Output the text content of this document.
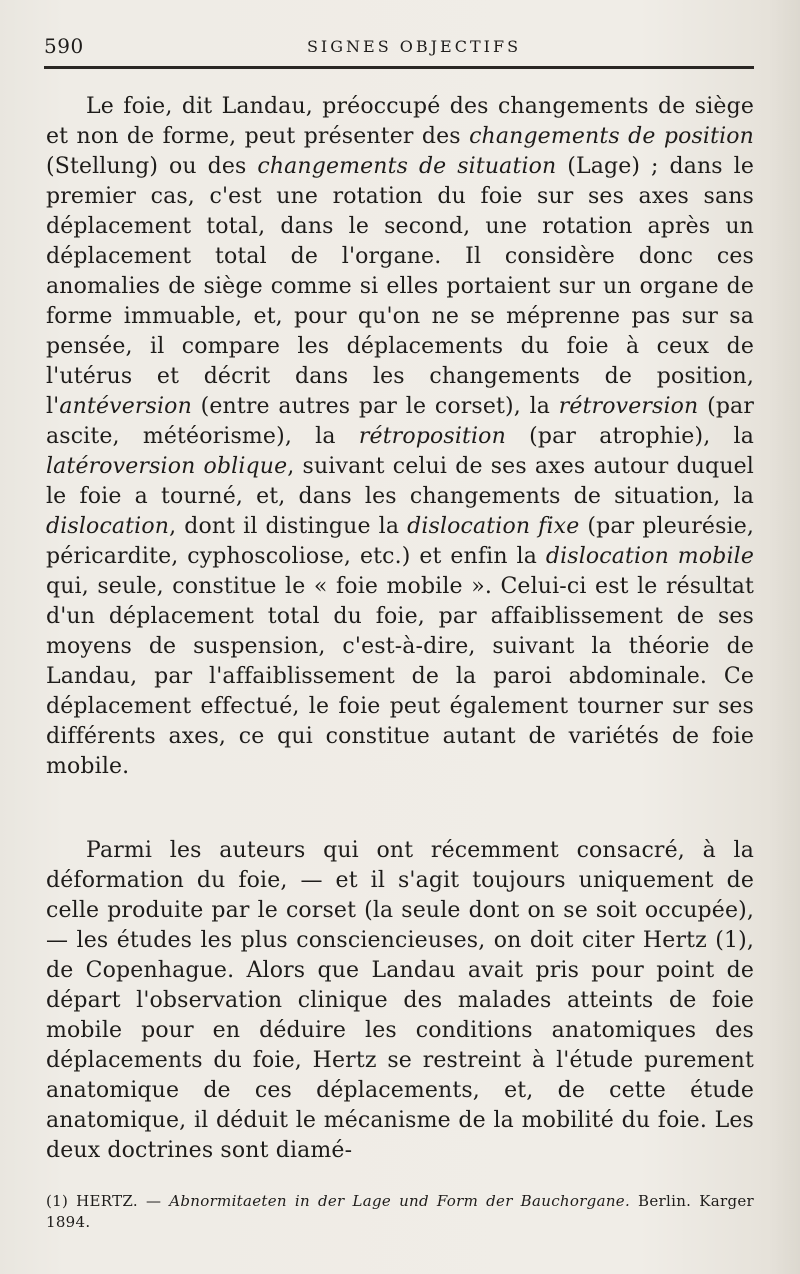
590	SIGNES OBJECTIFS

Le foie, dit Landau, préoccupé des changements de siège et non de forme, peut présenter des changements de position (Stellung) ou des changements de situation (Lage) ; dans le premier cas, c'est une rotation du foie sur ses axes sans déplacement total, dans le second, une rotation après un déplacement total de l'organe. Il considère donc ces anomalies de siège comme si elles portaient sur un organe de forme immuable, et, pour qu'on ne se méprenne pas sur sa pensée, il compare les déplacements du foie à ceux de l'utérus et décrit dans les changements de position, l'antéversion (entre autres par le corset), la rétroversion (par ascite, météorisme), la rétroposition (par atrophie), la latéroversion oblique, suivant celui de ses axes autour duquel le foie a tourné, et, dans les changements de situation, la dislocation, dont il distingue la dislocation fixe (par pleurésie, péricardite, cyphoscoliose, etc.) et enfin la dislocation mobile qui, seule, constitue le « foie mobile ». Celui-ci est le résultat d'un déplacement total du foie, par affaiblissement de ses moyens de suspension, c'est-à-dire, suivant la théorie de Landau, par l'affaiblissement de la paroi abdominale. Ce déplacement effectué, le foie peut également tourner sur ses différents axes, ce qui constitue autant de variétés de foie mobile.

Parmi les auteurs qui ont récemment consacré, à la déformation du foie, — et il s'agit toujours uniquement de celle produite par le corset (la seule dont on se soit occupée), — les études les plus consciencieuses, on doit citer Hertz (1), de Copenhague. Alors que Landau avait pris pour point de départ l'observation clinique des malades atteints de foie mobile pour en déduire les conditions anatomiques des déplacements du foie, Hertz se restreint à l'étude purement anatomique de ces déplacements, et, de cette étude anatomique, il déduit le mécanisme de la mobilité du foie. Les deux doctrines sont diamé-

(1) HERTZ. — Abnormitaeten in der Lage und Form der Bauchorgane. Berlin. Karger 1894.
